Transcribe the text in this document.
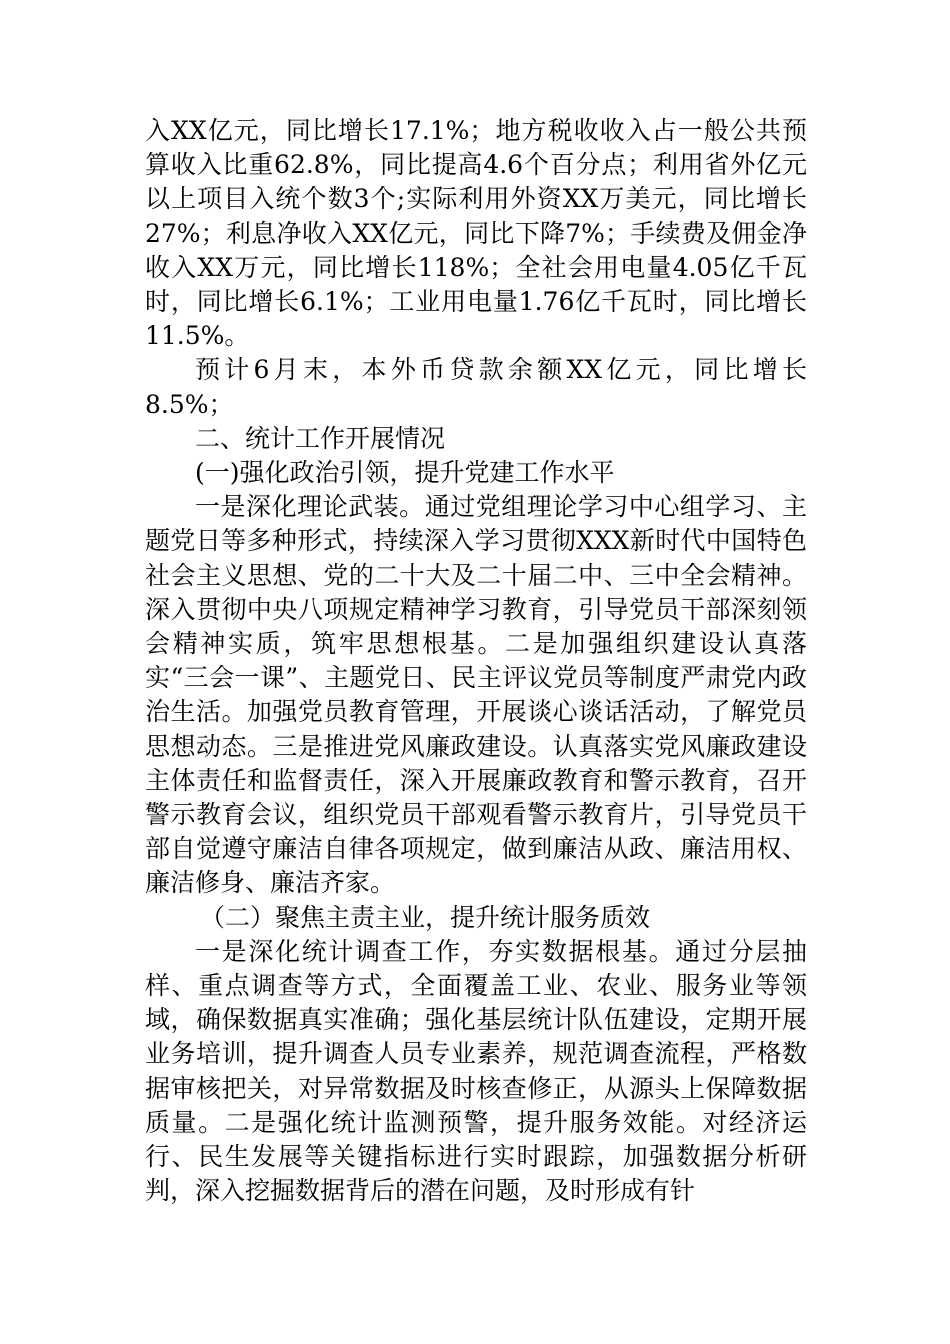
入XX亿元，同比增长17.1%；地方税收收入占一般公共预算收入比重62.8%，同比提高4.6个百分点；利用省外亿元以上项目入统个数3个;实际利用外资XX万美元，同比增长27%；利息净收入XX亿元，同比下降7%；手续费及佣金净收入XX万元，同比增长118%；全社会用电量4.05亿千瓦时，同比增长6.1%；工业用电量1.76亿千瓦时，同比增长11.5%。

预计6月末，本外币贷款余额XX亿元，同比增长8.5%；

二、统计工作开展情况

(一)强化政治引领，提升党建工作水平

一是深化理论武装。通过党组理论学习中心组学习、主题党日等多种形式，持续深入学习贯彻XXX新时代中国特色社会主义思想、党的二十大及二十届二中、三中全会精神。深入贯彻中央八项规定精神学习教育，引导党员干部深刻领会精神实质，筑牢思想根基。二是加强组织建设认真落实“三会一课”、主题党日、民主评议党员等制度严肃党内政治生活。加强党员教育管理，开展谈心谈话活动，了解党员思想动态。三是推进党风廉政建设。认真落实党风廉政建设主体责任和监督责任，深入开展廉政教育和警示教育，召开警示教育会议，组织党员干部观看警示教育片，引导党员干部自觉遵守廉洁自律各项规定，做到廉洁从政、廉洁用权、廉洁修身、廉洁齐家。

（二）聚焦主责主业，提升统计服务质效

一是深化统计调查工作，夯实数据根基。通过分层抽样、重点调查等方式，全面覆盖工业、农业、服务业等领域，确保数据真实准确；强化基层统计队伍建设，定期开展业务培训，提升调查人员专业素养，规范调查流程，严格数据审核把关，对异常数据及时核查修正，从源头上保障数据质量。二是强化统计监测预警，提升服务效能。对经济运行、民生发展等关键指标进行实时跟踪，加强数据分析研判，深入挖掘数据背后的潜在问题，及时形成有针
